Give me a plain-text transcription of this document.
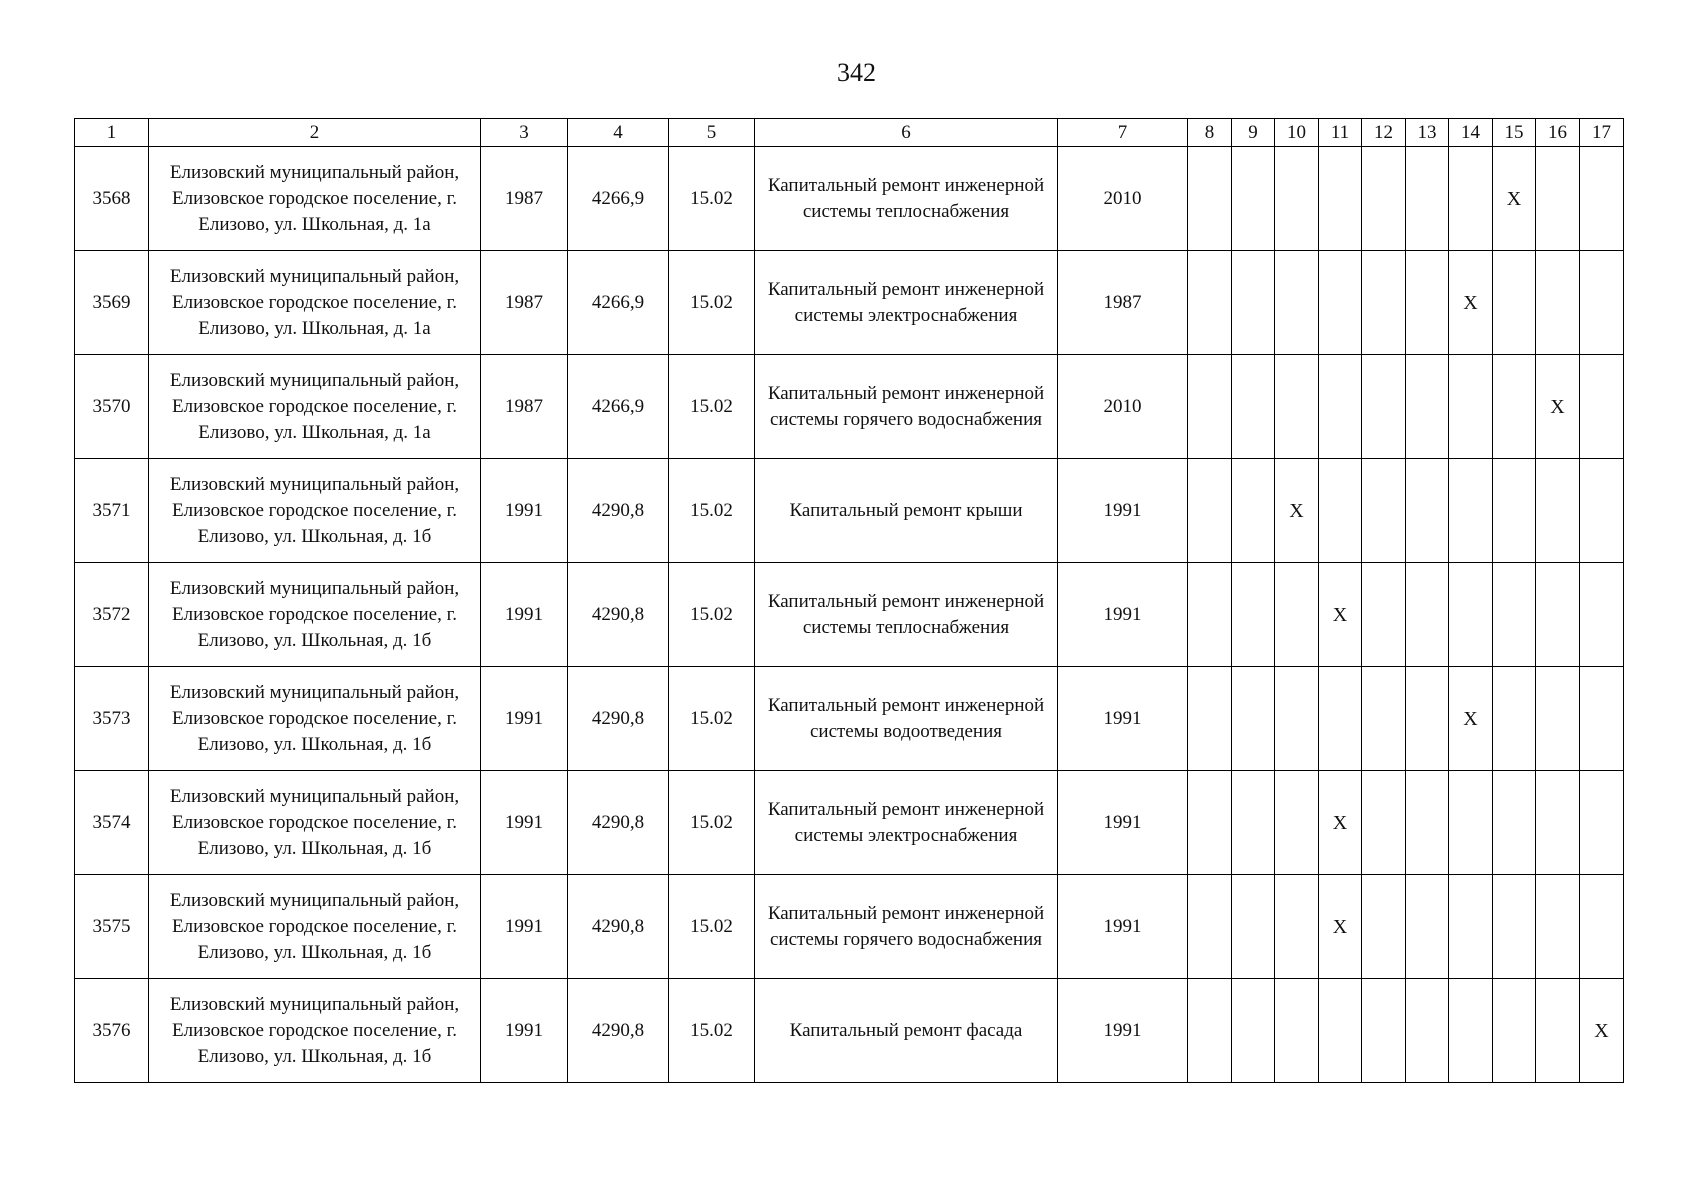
342
1	2	3	4	5	6	7	8	9	10	11	12	13	14	15	16	17
3568	Елизовский муниципальный район, Елизовское городское поселение, г. Елизово, ул. Школьная, д. 1а	1987	4266,9	15.02	Капитальный ремонт инженерной системы теплоснабжения	2010								X		
3569	Елизовский муниципальный район, Елизовское городское поселение, г. Елизово, ул. Школьная, д. 1а	1987	4266,9	15.02	Капитальный ремонт инженерной системы электроснабжения	1987							X			
3570	Елизовский муниципальный район, Елизовское городское поселение, г. Елизово, ул. Школьная, д. 1а	1987	4266,9	15.02	Капитальный ремонт инженерной системы горячего водоснабжения	2010									X	
3571	Елизовский муниципальный район, Елизовское городское поселение, г. Елизово, ул. Школьная, д. 1б	1991	4290,8	15.02	Капитальный ремонт крыши	1991			X							
3572	Елизовский муниципальный район, Елизовское городское поселение, г. Елизово, ул. Школьная, д. 1б	1991	4290,8	15.02	Капитальный ремонт инженерной системы теплоснабжения	1991				X						
3573	Елизовский муниципальный район, Елизовское городское поселение, г. Елизово, ул. Школьная, д. 1б	1991	4290,8	15.02	Капитальный ремонт инженерной системы водоотведения	1991							X			
3574	Елизовский муниципальный район, Елизовское городское поселение, г. Елизово, ул. Школьная, д. 1б	1991	4290,8	15.02	Капитальный ремонт инженерной системы электроснабжения	1991				X						
3575	Елизовский муниципальный район, Елизовское городское поселение, г. Елизово, ул. Школьная, д. 1б	1991	4290,8	15.02	Капитальный ремонт инженерной системы горячего водоснабжения	1991				X						
3576	Елизовский муниципальный район, Елизовское городское поселение, г. Елизово, ул. Школьная, д. 1б	1991	4290,8	15.02	Капитальный ремонт фасада	1991										X
